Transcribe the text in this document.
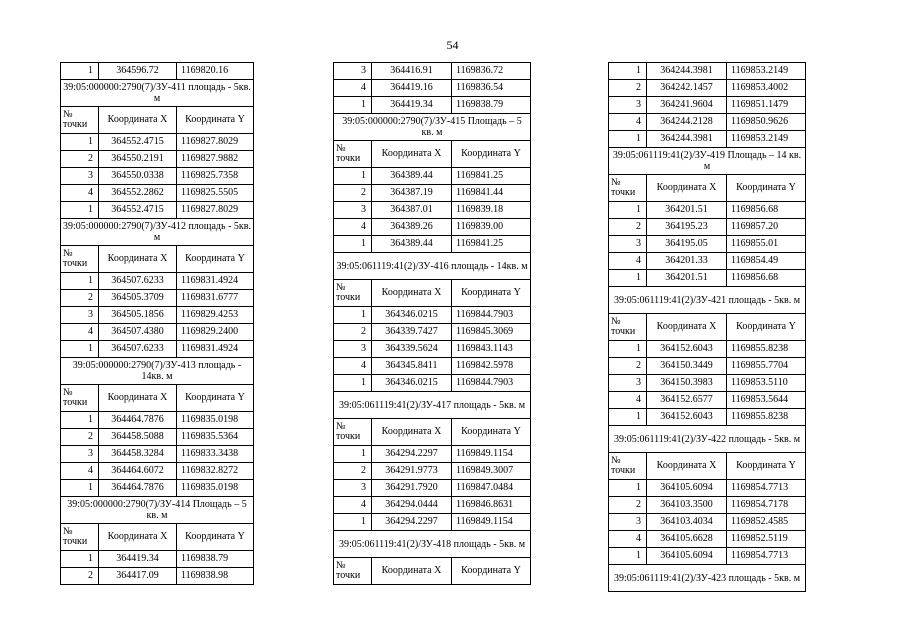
54
1	364596.72	1169820.16
39:05:000000:2790(7)/ЗУ-411 площадь - 5кв. м		
№ точки	Координата X	Координата Y
1	364552.4715	1169827.8029
2	364550.2191	1169827.9882
3	364550.0338	1169825.7358
4	364552.2862	1169825.5505
1	364552.4715	1169827.8029
39:05:000000:2790(7)/ЗУ-412 площадь - 5кв. м		
№ точки	Координата X	Координата Y
1	364507.6233	1169831.4924
2	364505.3709	1169831.6777
3	364505.1856	1169829.4253
4	364507.4380	1169829.2400
1	364507.6233	1169831.4924
39:05:000000:2790(7)/ЗУ-413 площадь - 14кв. м		
№ точки	Координата X	Координата Y
1	364464.7876	1169835.0198
2	364458.5088	1169835.5364
3	364458.3284	1169833.3438
4	364464.6072	1169832.8272
1	364464.7876	1169835.0198
39:05:000000:2790(7)/ЗУ-414 Площадь – 5 кв. м		
№ точки	Координата X	Координата Y
1	364419.34	1169838.79
2	364417.09	1169838.98
3	364416.91	1169836.72
4	364419.16	1169836.54
1	364419.34	1169838.79
39:05:000000:2790(7)/ЗУ-415 Площадь – 5 кв. м		
№ точки	Координата X	Координата Y
1	364389.44	1169841.25
2	364387.19	1169841.44
3	364387.01	1169839.18
4	364389.26	1169839.00
1	364389.44	1169841.25
39:05:061119:41(2)/ЗУ-416 площадь - 14кв. м		
№ точки	Координата X	Координата Y
1	364346.0215	1169844.7903
2	364339.7427	1169845.3069
3	364339.5624	1169843.1143
4	364345.8411	1169842.5978
1	364346.0215	1169844.7903
39:05:061119:41(2)/ЗУ-417 площадь - 5кв. м		
№ точки	Координата X	Координата Y
1	364294.2297	1169849.1154
2	364291.9773	1169849.3007
3	364291.7920	1169847.0484
4	364294.0444	1169846.8631
1	364294.2297	1169849.1154
39:05:061119:41(2)/ЗУ-418 площадь - 5кв. м		
№ точки	Координата X	Координата Y
1	364244.3981	1169853.2149
2	364242.1457	1169853.4002
3	364241.9604	1169851.1479
4	364244.2128	1169850.9626
1	364244.3981	1169853.2149
39:05:061119:41(2)/ЗУ-419 Площадь – 14 кв. м		
№ точки	Координата X	Координата Y
1	364201.51	1169856.68
2	364195.23	1169857.20
3	364195.05	1169855.01
4	364201.33	1169854.49
1	364201.51	1169856.68
39:05:061119:41(2)/ЗУ-421 площадь - 5кв. м		
№ точки	Координата X	Координата Y
1	364152.6043	1169855.8238
2	364150.3449	1169855.7704
3	364150.3983	1169853.5110
4	364152.6577	1169853.5644
1	364152.6043	1169855.8238
39:05:061119:41(2)/ЗУ-422 площадь - 5кв. м		
№ точки	Координата X	Координата Y
1	364105.6094	1169854.7713
2	364103.3500	1169854.7178
3	364103.4034	1169852.4585
4	364105.6628	1169852.5119
1	364105.6094	1169854.7713
39:05:061119:41(2)/ЗУ-423 площадь - 5кв. м		
